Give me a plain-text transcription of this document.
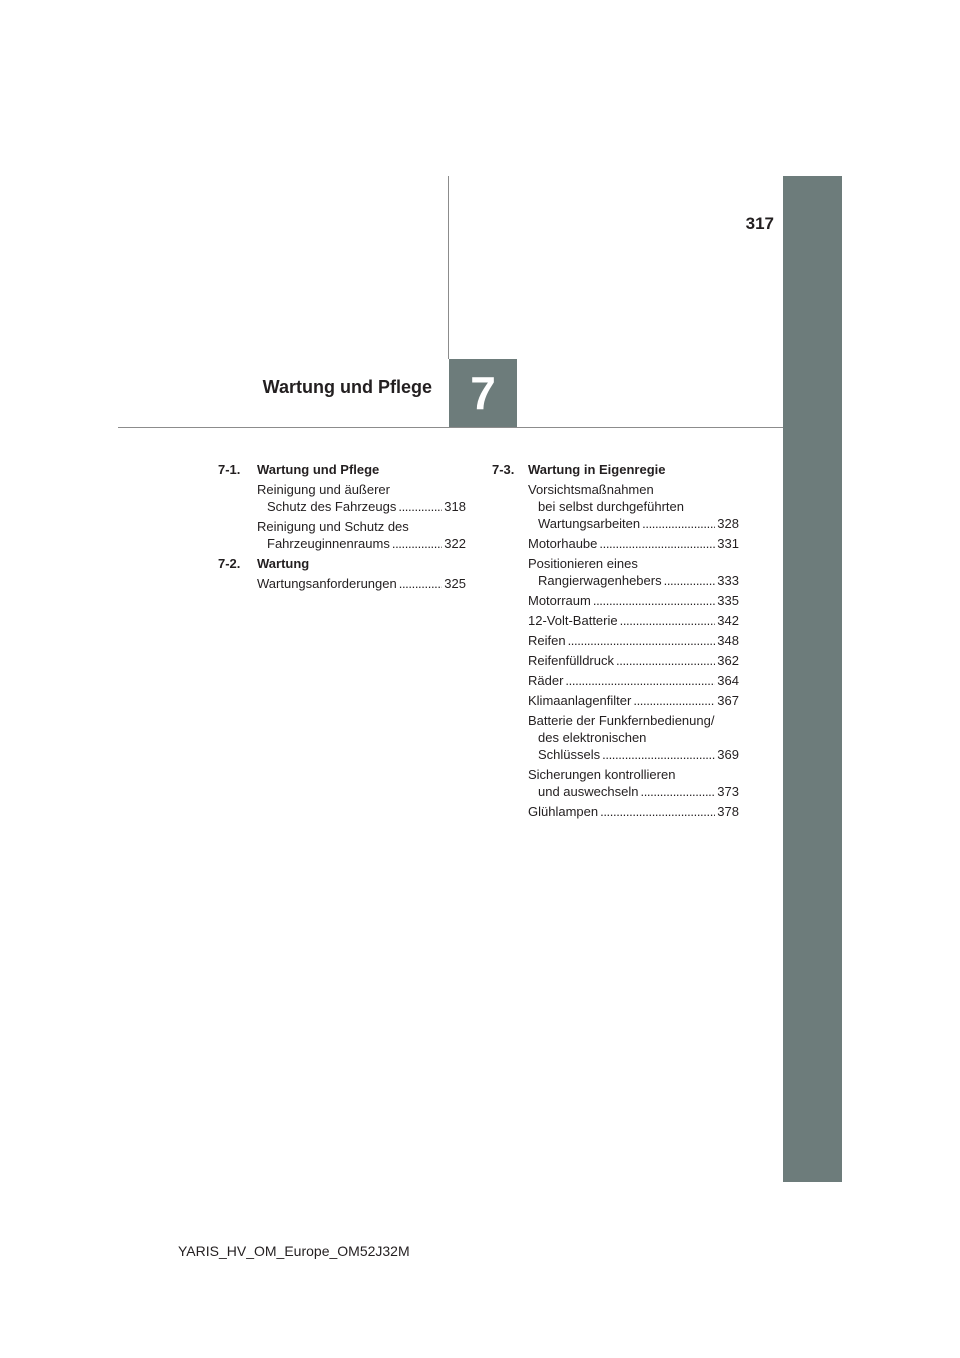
317
7
Wartung und Pflege
7-1. Wartung und Pflege
Reinigung und äußerer
Schutz des Fahrzeugs . . .	318
Reinigung und Schutz des
Fahrzeuginnenraums . . .	322
7-2. Wartung
Wartungsanforderungen . . .	325
7-3. Wartung in Eigenregie
Vorsichtsmaßnahmen
bei selbst durchgeführten
Wartungsarbeiten . . .	328
Motorhaube . . .	331
Positionieren eines
Rangierwagenhebers . . .	333
Motorraum . . .	335
12-Volt-Batterie . . .	342
Reifen . . .	348
Reifenfülldruck . . .	362
Räder . . .	364
Klimaanlagenfilter . . .	367
Batterie der Funkfernbedienung/
des elektronischen
Schlüssels . . .	369
Sicherungen kontrollieren
und auswechseln . . .	373
Glühlampen . . .	378
YARIS_HV_OM_Europe_OM52J32M
